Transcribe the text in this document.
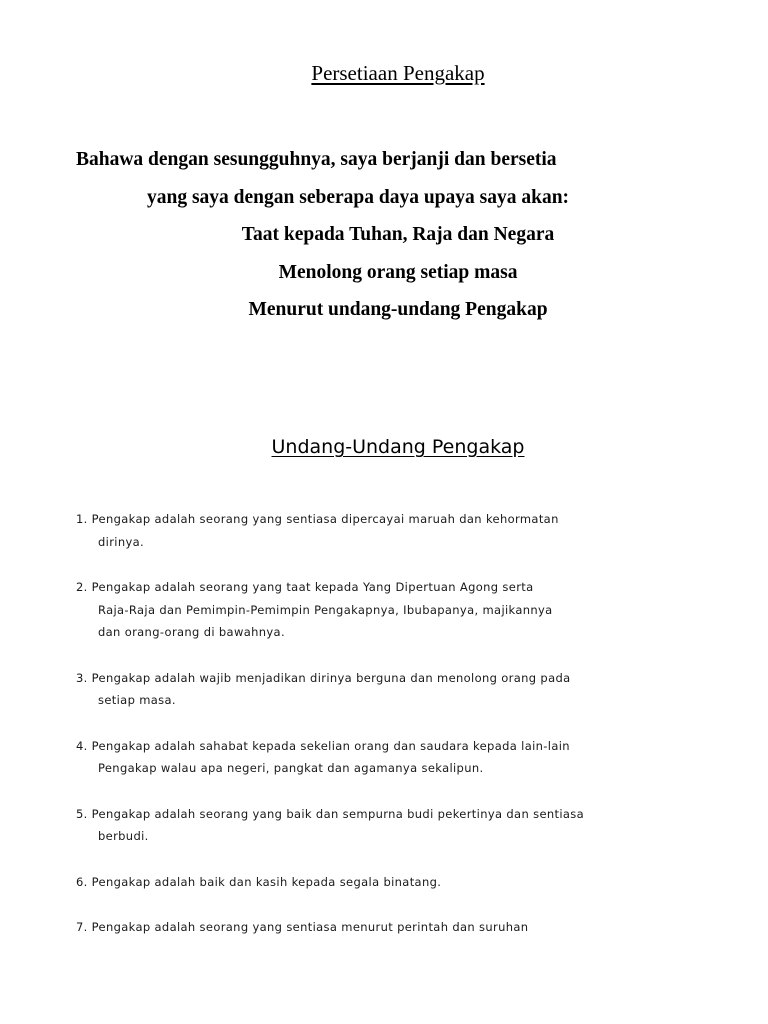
Persetiaan Pengakap
Bahawa dengan sesungguhnya, saya berjanji dan bersetia
yang saya dengan seberapa daya upaya saya akan:
Taat kepada Tuhan, Raja dan Negara
Menolong orang setiap masa
Menurut undang-undang Pengakap
Undang-Undang Pengakap
1. Pengakap adalah seorang yang sentiasa dipercayai maruah dan kehormatan
dirinya.
2. Pengakap adalah seorang yang taat kepada Yang Dipertuan Agong serta
Raja-Raja dan Pemimpin-Pemimpin Pengakapnya, Ibubapanya, majikannya
dan orang-orang di bawahnya.
3. Pengakap adalah wajib menjadikan dirinya berguna dan menolong orang pada
setiap masa.
4. Pengakap adalah sahabat kepada sekelian orang dan saudara kepada lain-lain
Pengakap walau apa negeri, pangkat dan agamanya sekalipun.
5. Pengakap adalah seorang yang baik dan sempurna budi pekertinya dan sentiasa
berbudi.
6. Pengakap adalah baik dan kasih kepada segala binatang.
7. Pengakap adalah seorang yang sentiasa menurut perintah dan suruhan
